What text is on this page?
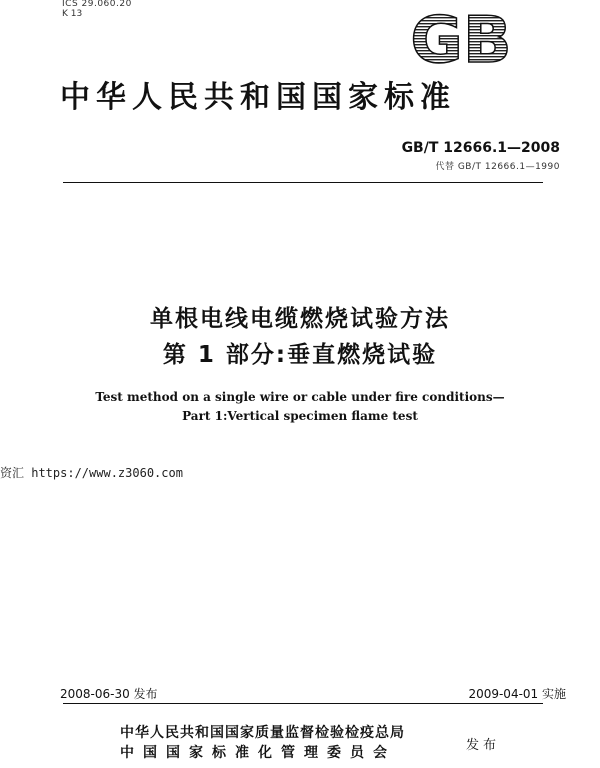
ICS 29.060.20
K 13	GB
中华人民共和国国家标准
GB/T 12666.1—2008
代替 GB/T 12666.1—1990
单根电线电缆燃烧试验方法
第 1 部分:垂直燃烧试验
Test method on a single wire or cable under fire conditions—
Part 1:Vertical specimen flame test
资汇 https://www.z3060.com
2008-06-30 发布	2009-04-01 实施
中华人民共和国国家质量监督检验检疫总局
中国国家标准化管理委员会	发布
